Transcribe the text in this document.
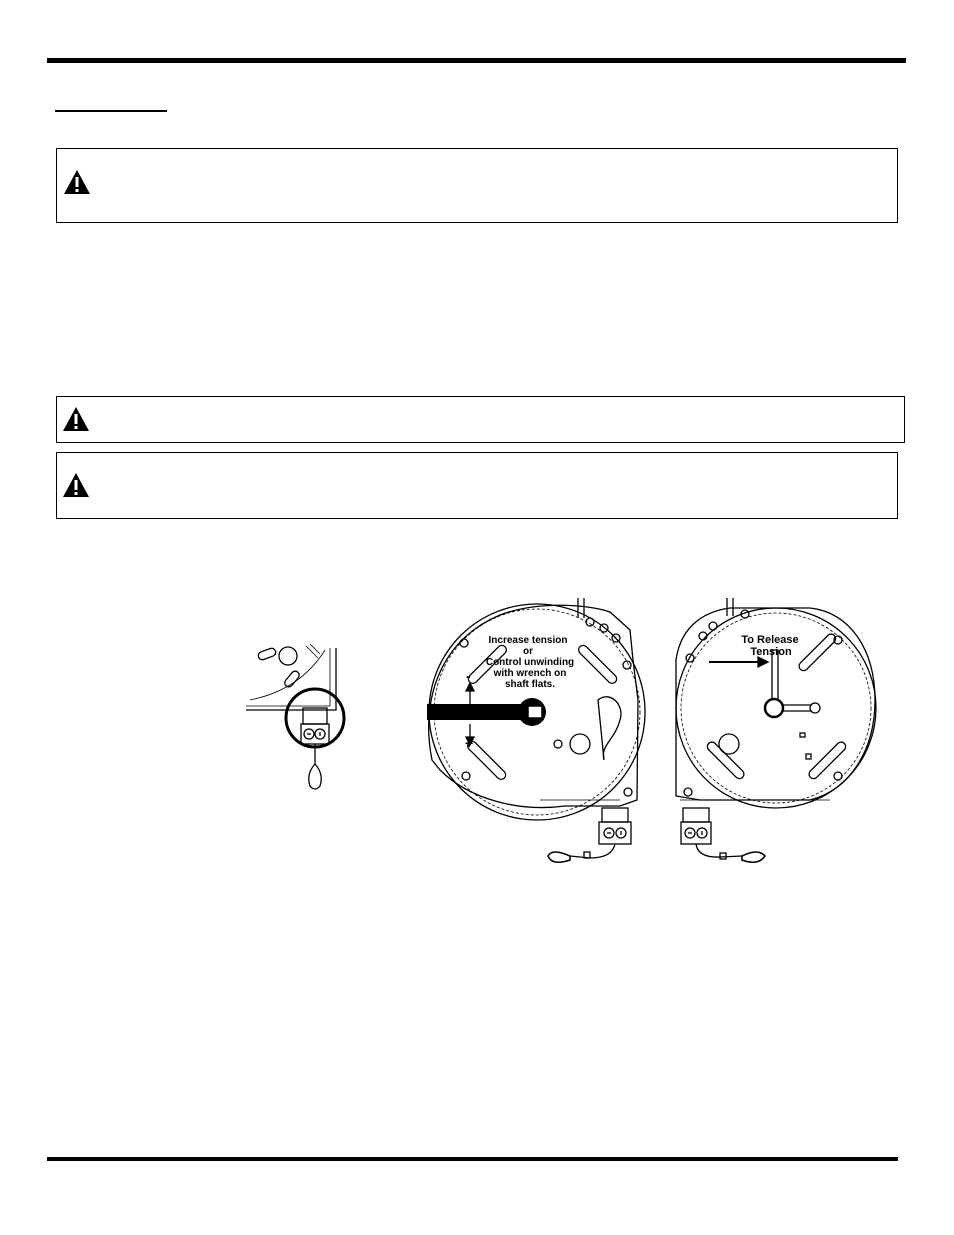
-
+
Increase tension
or
Control unwinding
with wrench on
shaft flats.
To Release
Tension
